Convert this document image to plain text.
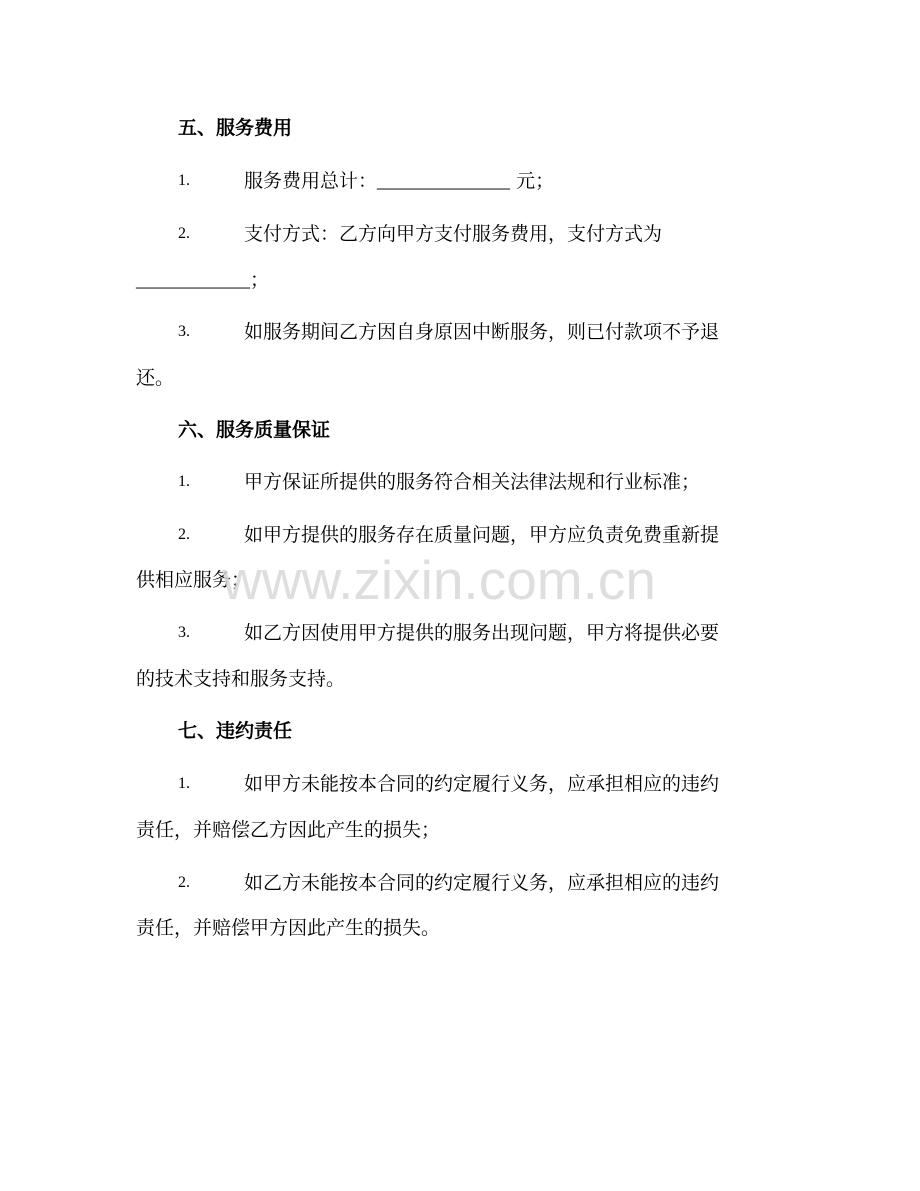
五、服务费用
1.	服务费用总计：______________ 元；
2.	支付方式：乙方向甲方支付服务费用，支付方式为
____________；
3.	如服务期间乙方因自身原因中断服务，则已付款项不予退
还。
六、服务质量保证
1.	甲方保证所提供的服务符合相关法律法规和行业标准；
2.	如甲方提供的服务存在质量问题，甲方应负责免费重新提
供相应服务；
3.	如乙方因使用甲方提供的服务出现问题，甲方将提供必要
的技术支持和服务支持。
七、违约责任
1.	如甲方未能按本合同的约定履行义务，应承担相应的违约
责任，并赔偿乙方因此产生的损失；
2.	如乙方未能按本合同的约定履行义务，应承担相应的违约
责任，并赔偿甲方因此产生的损失。
www.zixin.com.cn
